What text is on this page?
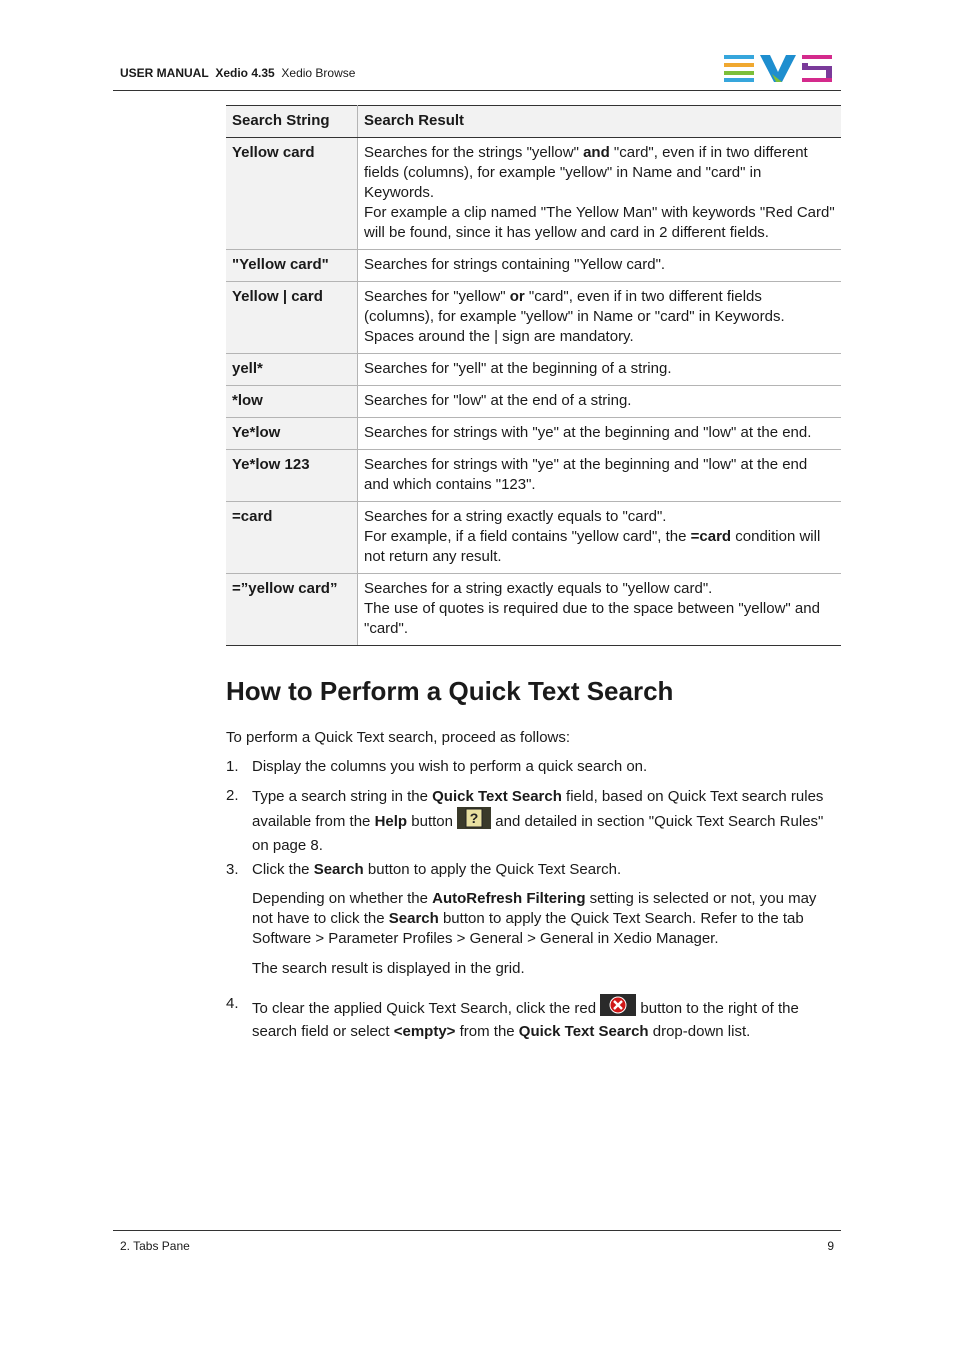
USER MANUAL Xedio 4.35 Xedio Browse
Search String	Search Result
Yellow card	Searches for the strings "yellow" and "card", even if in two different fields (columns), for example "yellow" in Name and "card" in Keywords.
For example a clip named "The Yellow Man" with keywords "Red Card" will be found, since it has yellow and card in 2 different fields.
"Yellow card"	Searches for strings containing "Yellow card".
Yellow | card	Searches for "yellow" or "card", even if in two different fields (columns), for example "yellow" in Name or "card" in Keywords.
Spaces around the | sign are mandatory.
yell*	Searches for "yell" at the beginning of a string.
*low	Searches for "low" at the end of a string.
Ye*low	Searches for strings with "ye" at the beginning and "low" at the end.
Ye*low 123	Searches for strings with "ye" at the beginning and "low" at the end and which contains "123".
=card	Searches for a string exactly equals to "card".
For example, if a field contains "yellow card", the =card condition will not return any result.
=”yellow card”	Searches for a string exactly equals to "yellow card".
The use of quotes is required due to the space between "yellow" and "card".
How to Perform a Quick Text Search
To perform a Quick Text search, proceed as follows:
1. Display the columns you wish to perform a quick search on.
2. Type a search string in the Quick Text Search field, based on Quick Text search rules available from the Help button ? and detailed in section "Quick Text Search Rules" on page 8.
3. Click the Search button to apply the Quick Text Search.
Depending on whether the AutoRefresh Filtering setting is selected or not, you may not have to click the Search button to apply the Quick Text Search. Refer to the tab Software > Parameter Profiles > General > General in Xedio Manager.
The search result is displayed in the grid.
4. To clear the applied Quick Text Search, click the red  button to the right of the search field or select <empty> from the Quick Text Search drop-down list.
2. Tabs Pane	9
